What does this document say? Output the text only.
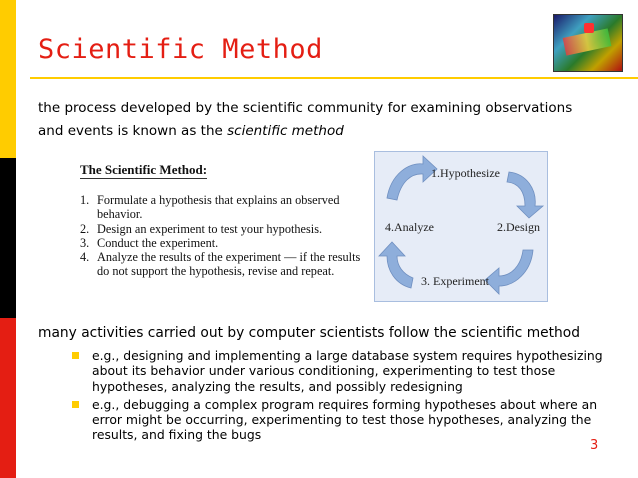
Scientific Method
the process developed by the scientific community for examining observations and events is known as the scientific method
The Scientific Method:
1. Formulate a hypothesis that explains an observed behavior.
2. Design an experiment to test your hypothesis.
3. Conduct the experiment.
4. Analyze the results of the experiment — if the results do not support the hypothesis, revise and repeat.
1.Hypothesize
2.Design
3. Experiment
4.Analyze
many activities carried out by computer scientists follow the scientific method
e.g., designing and implementing a large database system requires hypothesizing about its behavior under various conditioning, experimenting to test those hypotheses, analyzing the results, and possibly redesigning
e.g., debugging a complex program requires forming hypotheses about where an error might be occurring, experimenting to test those hypotheses, analyzing the results, and fixing the bugs
3
